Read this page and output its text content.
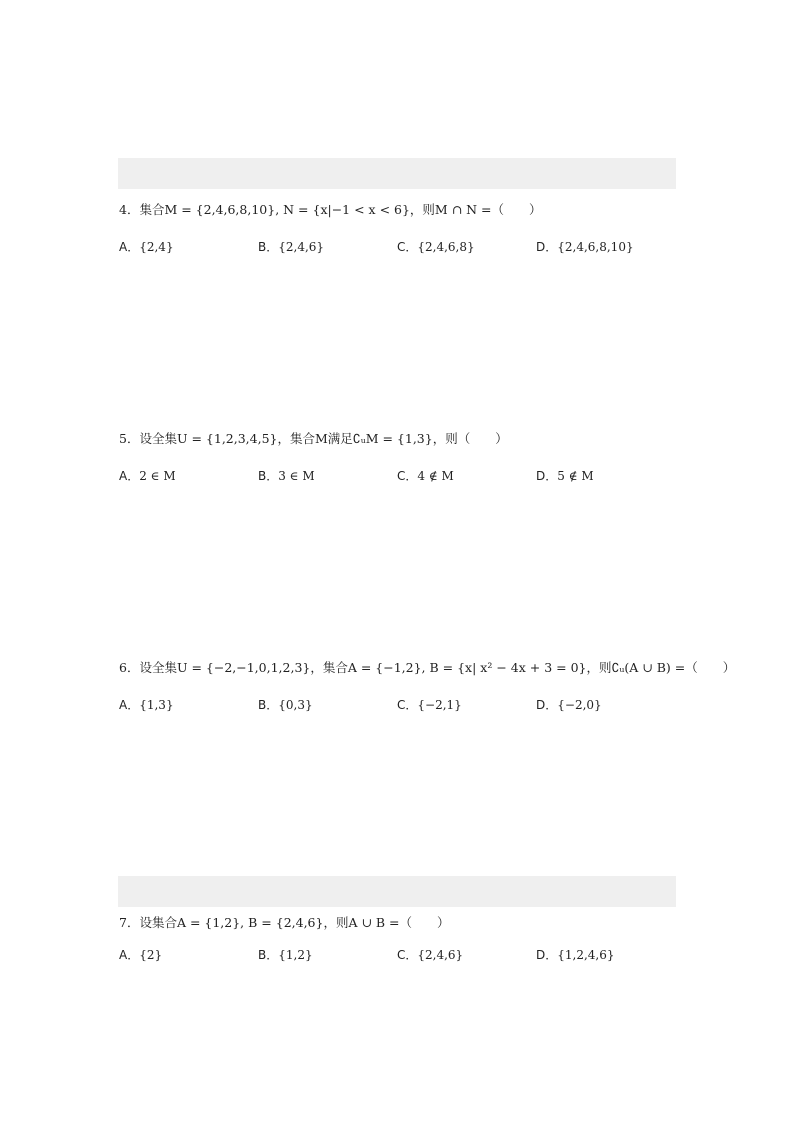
4．集合M = {2,4,6,8,10}, N = {x|−1 < x < 6}，则M ∩ N =（　　）
A．{2,4}	B．{2,4,6}	C．{2,4,6,8}	D．{2,4,6,8,10}
5．设全集U = {1,2,3,4,5}，集合M满足∁ᵤM = {1,3}，则（　　）
A．2 ∈ M	B．3 ∈ M	C．4 ∉ M	D．5 ∉ M
6．设全集U = {−2,−1,0,1,2,3}，集合A = {−1,2}, B = {x| x² − 4x + 3 = 0}，则∁ᵤ(A ∪ B) =（　　）
A．{1,3}	B．{0,3}	C．{−2,1}	D．{−2,0}
7．设集合A = {1,2}, B = {2,4,6}，则A ∪ B =（　　）
A．{2}	B．{1,2}	C．{2,4,6}	D．{1,2,4,6}
